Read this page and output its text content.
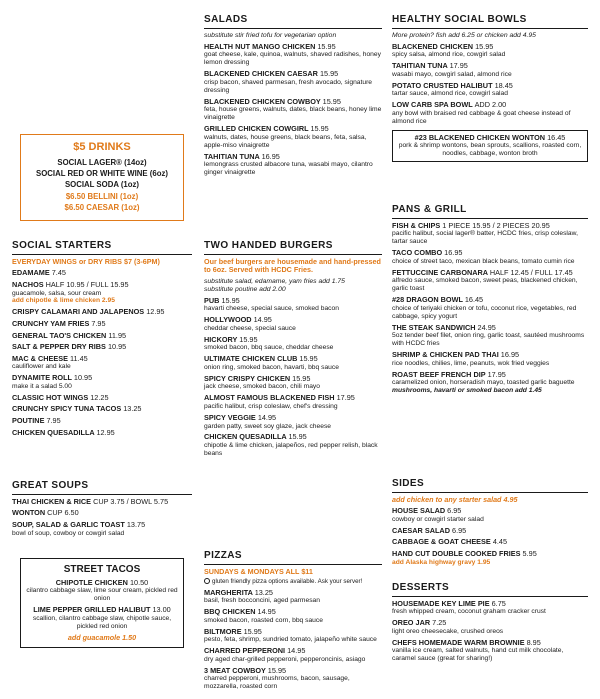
$5 DRINKS
SOCIAL LAGER® (14oz)
SOCIAL RED OR WHITE WINE (6oz)
SOCIAL SODA (1oz)
$6.50 BELLINI (1oz)
$6.50 CAESAR (1oz)
SOCIAL STARTERS
EVERYDAY WINGS or DRY RIBS $7 (3-6PM)
EDAMAME 7.45
NACHOS HALF 10.95 / FULL 15.95
guacamole, salsa, sour cream
add chipotle & lime chicken 2.95
CRISPY CALAMARI AND JALAPENOS 12.95
CRUNCHY YAM FRIES 7.95
GENERAL TAO'S CHICKEN 11.95
SALT & PEPPER DRY RIBS 10.95
MAC & CHEESE 11.45
cauliflower and kale
DYNAMITE ROLL 10.95
make it a salad 5.00
CLASSIC HOT WINGS 12.25
CRUNCHY SPICY TUNA TACOS 13.25
POUTINE 7.95
CHICKEN QUESADILLA 12.95
GREAT SOUPS
THAI CHICKEN & RICE CUP 3.75 / BOWL 5.75
WONTON CUP 6.50
SOUP, SALAD & GARLIC TOAST 13.75
bowl of soup, cowboy or cowgirl salad
STREET TACOS
CHIPOTLE CHICKEN 10.50
cilantro cabbage slaw, lime sour cream, pickled red onion
LIME PEPPER GRILLED HALIBUT 13.00
scallion, cilantro cabbage slaw, chipotle sauce, pickled red onion
add guacamole 1.50
SALADS
substitute stir fried tofu for vegetarian option
HEALTH NUT MANGO CHICKEN 15.95
goat cheese, kale, quinoa, walnuts, shaved radishes, honey lemon dressing
BLACKENED CHICKEN CAESAR 15.95
crisp bacon, shaved parmesan, fresh avocado, signature dressing
BLACKENED CHICKEN COWBOY 15.95
feta, house greens, walnuts, dates, black beans, honey lime vinaigrette
GRILLED CHICKEN COWGIRL 15.95
walnuts, dates, house greens, black beans, feta, salsa, apple-miso vinaigrette
TAHITIAN TUNA 16.95
lemongrass crusted albacore tuna, wasabi mayo, cilantro ginger vinaigrette
TWO HANDED BURGERS
Our beef burgers are housemade and hand-pressed to 6oz. Served with HCDC Fries.
substitute salad, edamame, yam fries add 1.75
substitute poutine add 2.00
PUB 15.95
havarti cheese, special sauce, smoked bacon
HOLLYWOOD 14.95
cheddar cheese, special sauce
HICKORY 15.95
smoked bacon, bbq sauce, cheddar cheese
ULTIMATE CHICKEN CLUB 15.95
onion ring, smoked bacon, havarti, bbq sauce
SPICY CRISPY CHICKEN 15.95
jack cheese, smoked bacon, chili mayo
ALMOST FAMOUS BLACKENED FISH 17.95
pacific halibut, crisp coleslaw, chef's dressing
SPICY VEGGIE 14.95
garden patty, sweet soy glaze, jack cheese
CHICKEN QUESADILLA 15.95
chipotle & lime chicken, jalapeños, red pepper relish, black beans
PIZZAS
SUNDAYS & MONDAYS ALL $11
gluten friendly pizza options available. Ask your server!
MARGHERITA 13.25
basil, fresh bocconcini, aged parmesan
BBQ CHICKEN 14.95
smoked bacon, roasted corn, bbq sauce
BILTMORE 15.95
pesto, feta, shrimp, sundried tomato, jalapeño white sauce
CHARRED PEPPERONI 14.95
dry aged char-grilled pepperoni, pepperoncinis, asiago
3 MEAT COWBOY 15.95
charred pepperoni, mushrooms, bacon, sausage, mozzarella, roasted corn
HEALTHY SOCIAL BOWLS
More protein? fish add 6.25 or chicken add 4.95
BLACKENED CHICKEN 15.95
spicy salsa, almond rice, cowgirl salad
TAHITIAN TUNA 17.95
wasabi mayo, cowgirl salad, almond rice
POTATO CRUSTED HALIBUT 18.45
tartar sauce, almond rice, cowgirl salad
LOW CARB SPA BOWL ADD 2.00
any bowl with braised red cabbage & goat cheese instead of almond rice
#23 BLACKENED CHICKEN WONTON 16.45
pork & shrimp wontons, bean sprouts, scallions, roasted corn, noodles, cabbage, wonton broth
PANS & GRILL
FISH & CHIPS 1 PIECE 15.95 / 2 PIECES 20.95
pacific halibut, social lager® batter, HCDC fries, crisp coleslaw, tartar sauce
TACO COMBO 16.95
choice of street taco, mexican black beans, tomato cumin rice
FETTUCCINE CARBONARA HALF 12.45 / FULL 17.45
alfredo sauce, smoked bacon, sweet peas, blackened chicken, garlic toast
#28 DRAGON BOWL 16.45
choice of teriyaki chicken or tofu, coconut rice, vegetables, red cabbage, spicy yogurt
THE STEAK SANDWICH 24.95
5oz tender beef filet, onion ring, garlic toast, sautéed mushrooms with HCDC fries
SHRIMP & CHICKEN PAD THAI 16.95
rice noodles, chilies, lime, peanuts, wok fried veggies
ROAST BEEF FRENCH DIP 17.95
caramelized onion, horseradish mayo, toasted garlic baguette
mushrooms, havarti or smoked bacon add 1.45
SIDES
add chicken to any starter salad 4.95
HOUSE SALAD 6.95
cowboy or cowgirl starter salad
CAESAR SALAD 6.95
CABBAGE & GOAT CHEESE 4.45
HAND CUT DOUBLE COOKED FRIES 5.95
add Alaska highway gravy 1.95
DESSERTS
HOUSEMADE KEY LIME PIE 6.75
fresh whipped cream, coconut graham cracker crust
OREO JAR 7.25
light oreo cheesecake, crushed oreos
CHEFS HOMEMADE WARM BROWNIE 8.95
vanilla ice cream, salted walnuts, hand cut milk chocolate, caramel sauce (great for sharing!)
